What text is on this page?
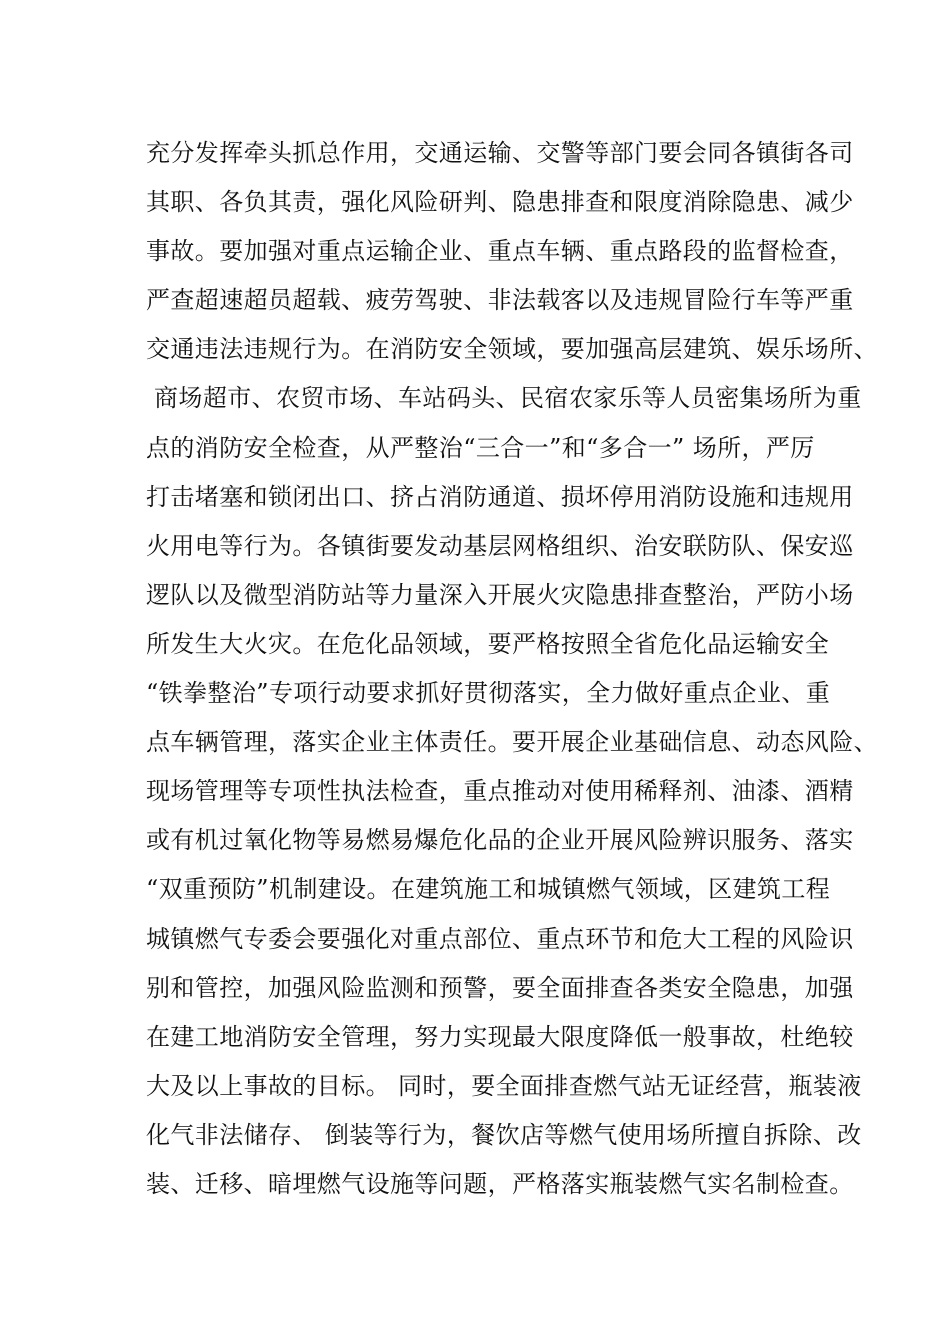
充分发挥牵头抓总作用，交通运输、交警等部门要会同各镇街各司
其职、各负其责，强化风险研判、隐患排查和限度消除隐患、减少
事故。要加强对重点运输企业、重点车辆、重点路段的监督检查，
严查超速超员超载、疲劳驾驶、非法载客以及违规冒险行车等严重
交通违法违规行为。在消防安全领域，要加强高层建筑、娱乐场所、
商场超市、农贸市场、车站码头、民宿农家乐等人员密集场所为重
点的消防安全检查，从严整治“三合一”和“多合一” 场所，严厉
打击堵塞和锁闭出口、挤占消防通道、损坏停用消防设施和违规用
火用电等行为。各镇街要发动基层网格组织、治安联防队、保安巡
逻队以及微型消防站等力量深入开展火灾隐患排查整治，严防小场
所发生大火灾。在危化品领域，要严格按照全省危化品运输安全
“铁拳整治”专项行动要求抓好贯彻落实，全力做好重点企业、重
点车辆管理，落实企业主体责任。要开展企业基础信息、动态风险、
现场管理等专项性执法检查，重点推动对使用稀释剂、油漆、酒精
或有机过氧化物等易燃易爆危化品的企业开展风险辨识服务、落实
“双重预防”机制建设。在建筑施工和城镇燃气领域，区建筑工程
城镇燃气专委会要强化对重点部位、重点环节和危大工程的风险识
别和管控，加强风险监测和预警，要全面排查各类安全隐患，加强
在建工地消防安全管理，努力实现最大限度降低一般事故，杜绝较
大及以上事故的目标。 同时，要全面排查燃气站无证经营，瓶装液
化气非法储存、 倒装等行为，餐饮店等燃气使用场所擅自拆除、改
装、迁移、暗埋燃气设施等问题，严格落实瓶装燃气实名制检查。
